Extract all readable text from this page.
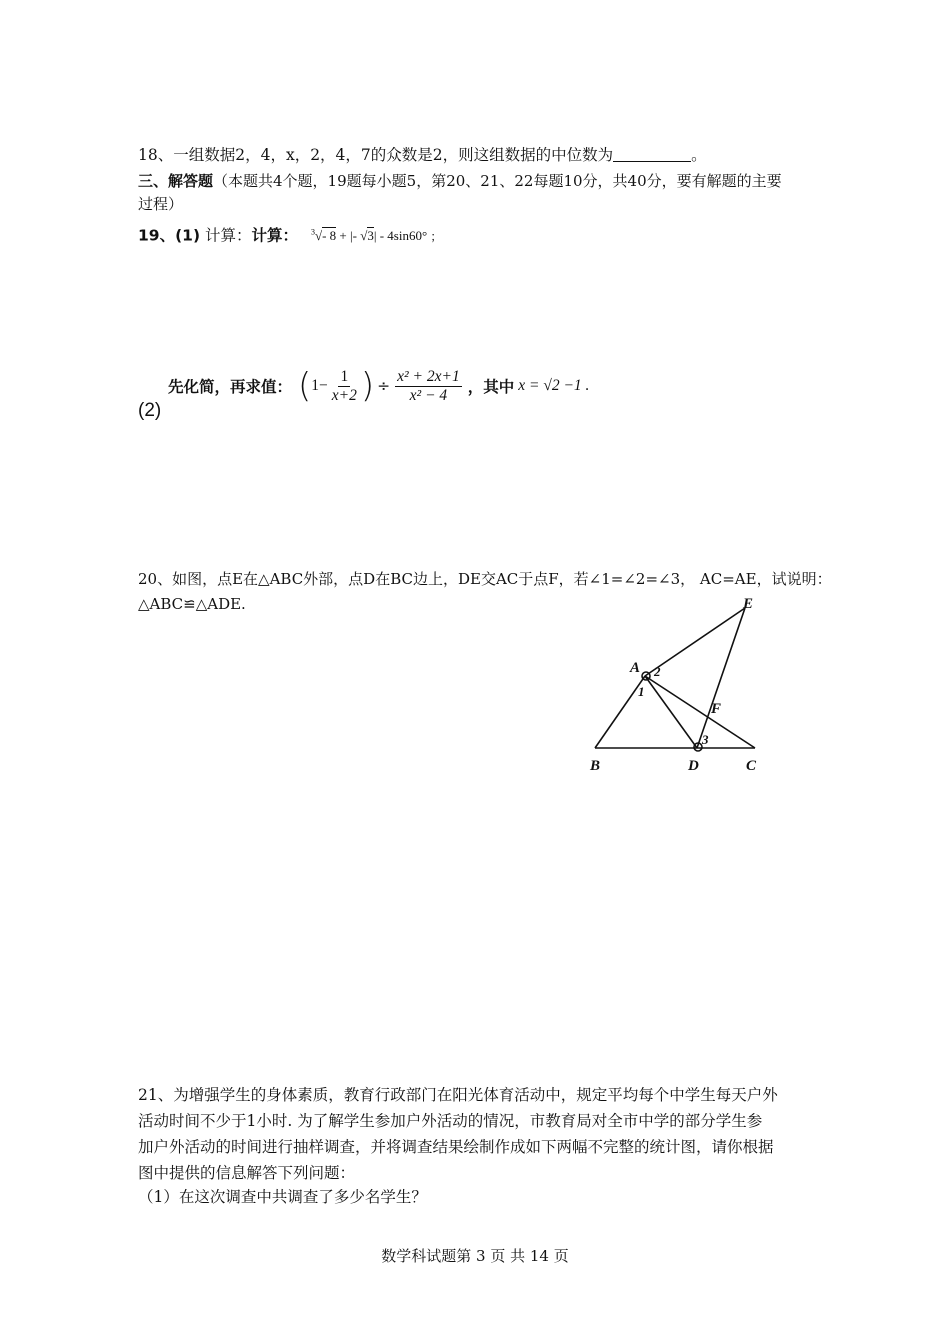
18、一组数据2，4，x，2，4，7的众数是2，则这组数据的中位数为	。
三、解答题（本题共4个题，19题每小题5，第20、21、22每题10分，共40分，要有解题的主要
过程）
19、(1) 计算：计算： $^3$√- 8 + |- √3| - 4sin60° ；
(2)
先化简，再求值： ( $1- \frac{1}{x+2}$ ) ÷ $\frac{\text{x² + 2x+1}}{\text{x² − 4}}$ ，其中 x = √2 −1 .
20、如图，点E在△ABC外部，点D在BC边上，DE交AC于点F，若∠1=∠2=∠3， AC=AE，试说明：
△ABC≌△ADE.
A
B	C
D
E
F
1
2
3
21、为增强学生的身体素质，教育行政部门在阳光体育活动中，规定平均每个中学生每天户外
活动时间不少于1小时. 为了解学生参加户外活动的情况，市教育局对全市中学的部分学生参
加户外活动的时间进行抽样调查，并将调查结果绘制作成如下两幅不完整的统计图，请你根据
图中提供的信息解答下列问题：
（1）在这次调查中共调查了多少名学生？
数学科试题第 3 页 共 14 页
